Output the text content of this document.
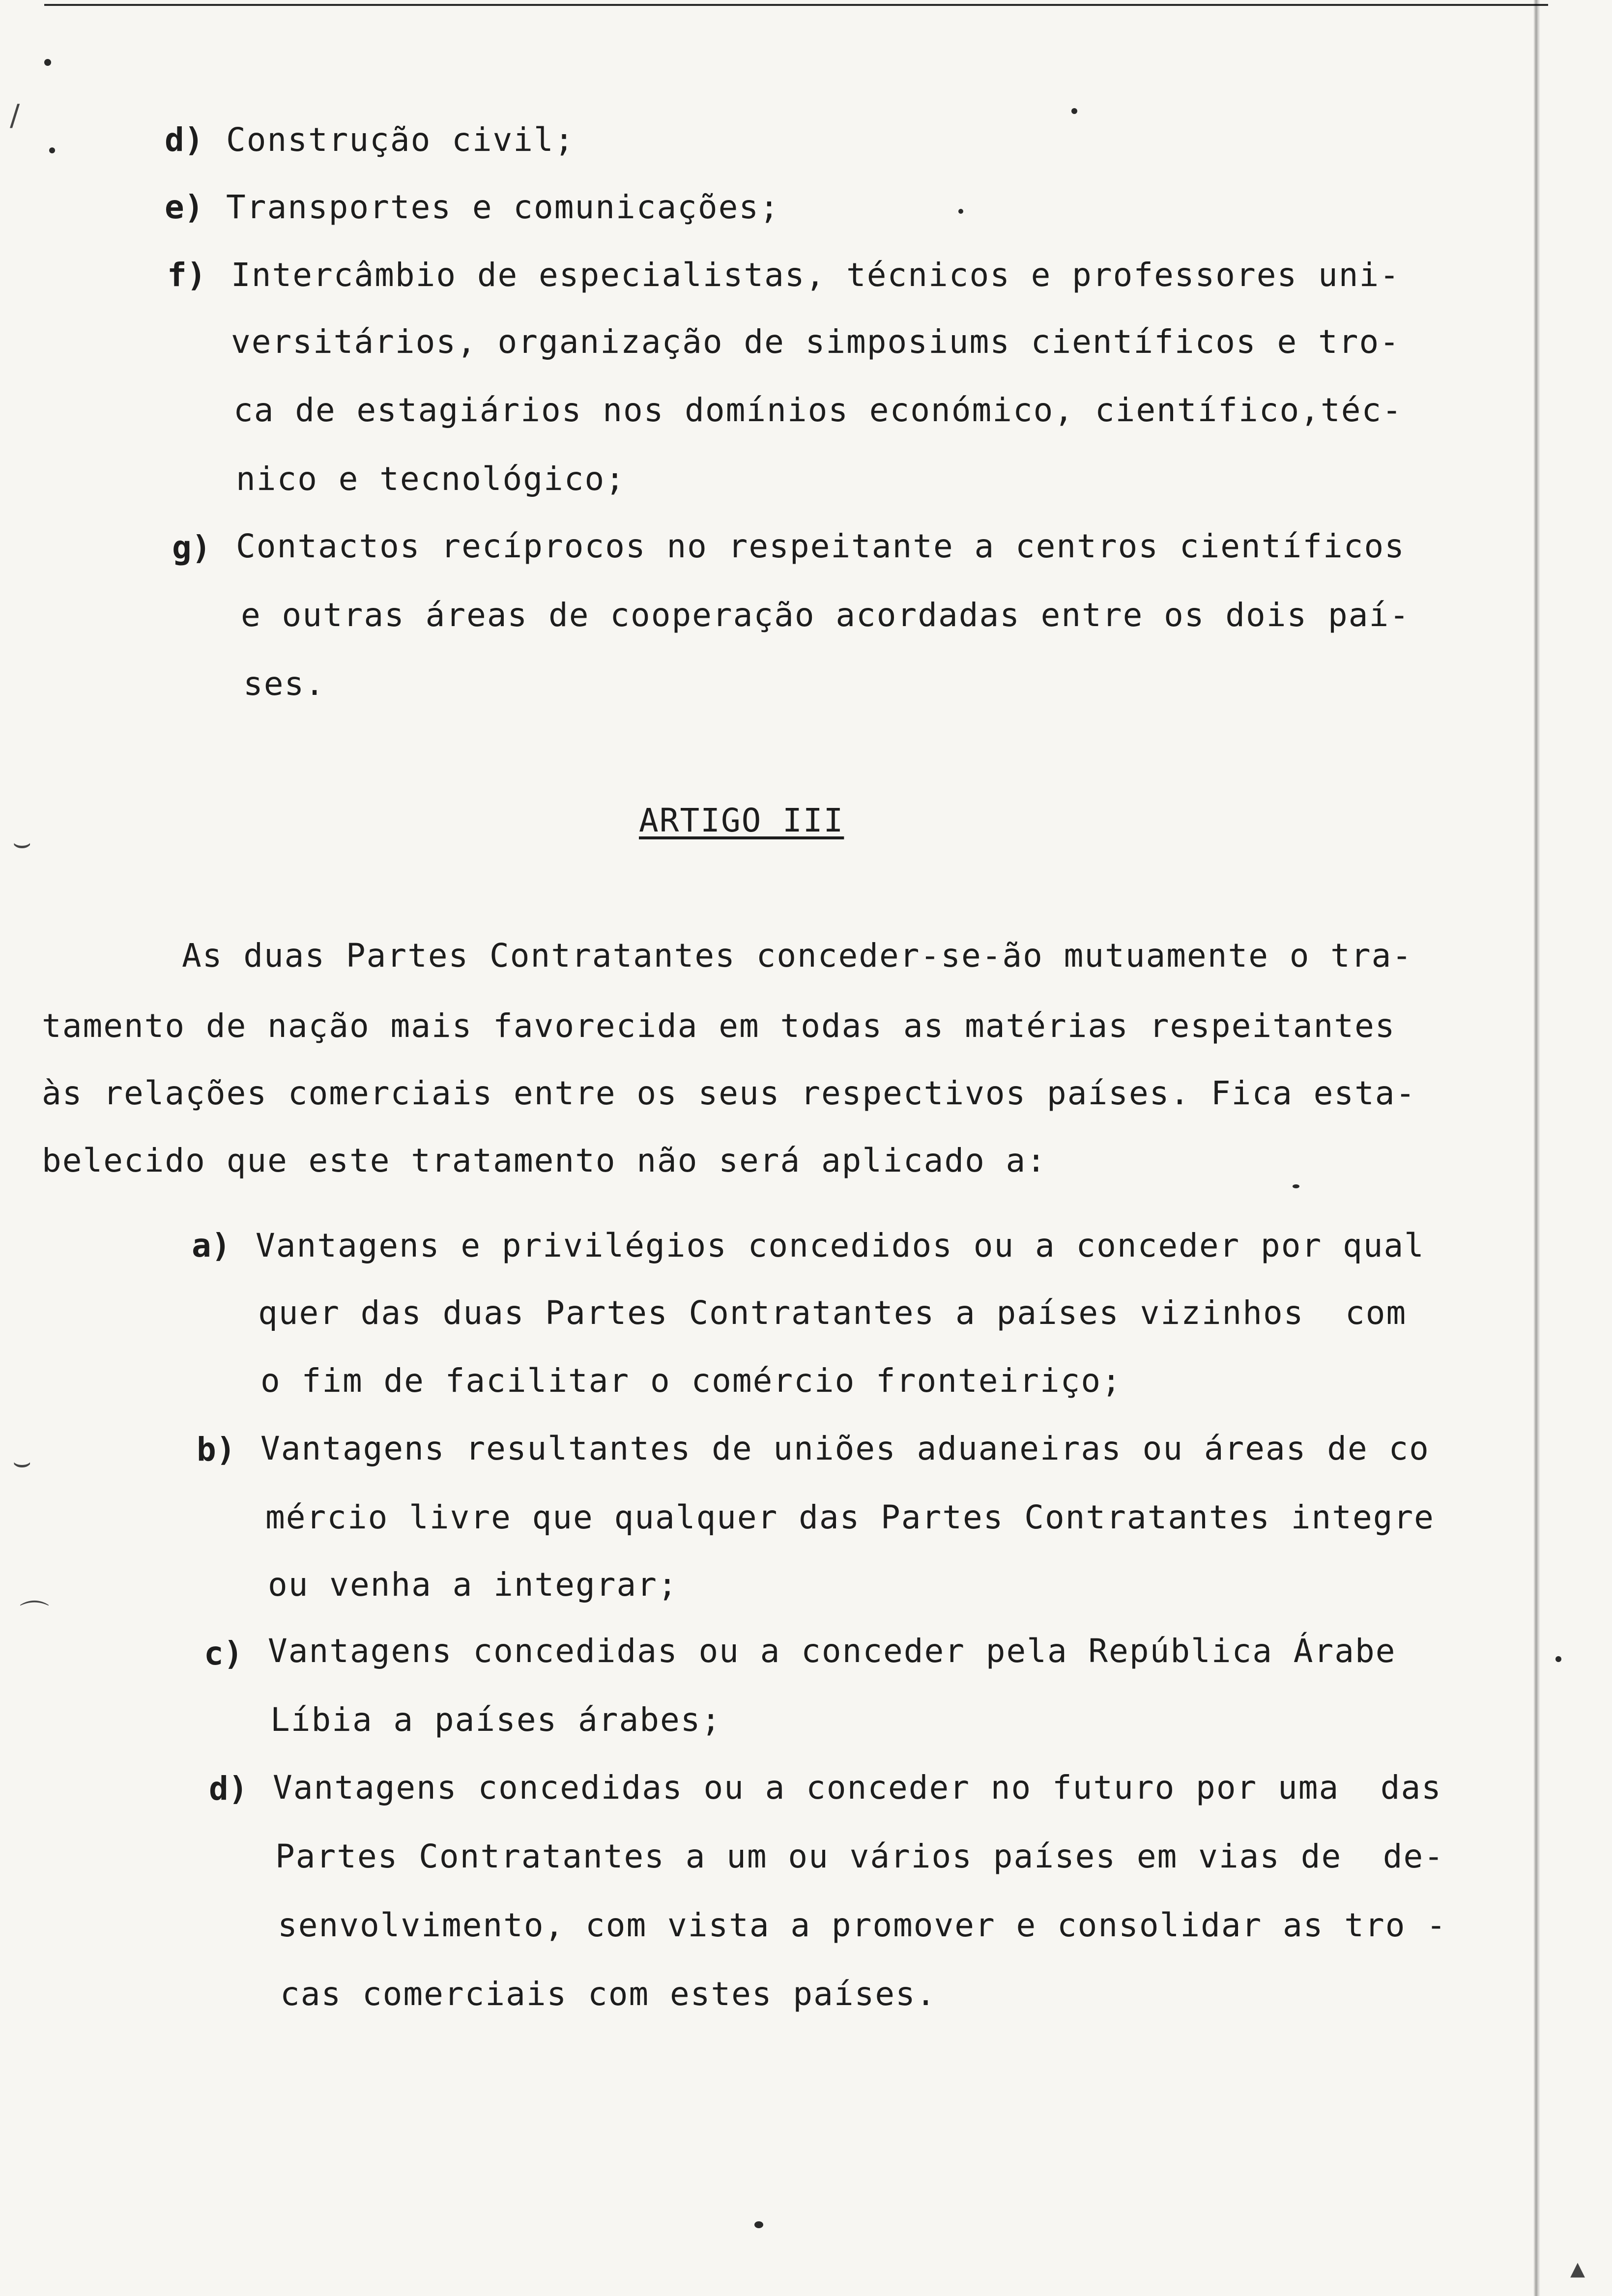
d) Construção civil;
e) Transportes e comunicações;
f) Intercâmbio de especialistas, técnicos e professores uni-
versitários, organização de simposiums científicos e tro-
ca de estagiários nos domínios económico, científico,téc-
nico e tecnológico;
g) Contactos recíprocos no respeitante a centros científicos
e outras áreas de cooperação acordadas entre os dois paí-
ses.
ARTIGO III
As duas Partes Contratantes conceder-se-ão mutuamente o tra-
tamento de nação mais favorecida em todas as matérias respeitantes
às relações comerciais entre os seus respectivos países. Fica esta-
belecido que este tratamento não será aplicado a:
a) Vantagens e privilégios concedidos ou a conceder por qual
quer das duas Partes Contratantes a países vizinhos  com
o fim de facilitar o comércio fronteiriço;
b) Vantagens resultantes de uniões aduaneiras ou áreas de co
mércio livre que qualquer das Partes Contratantes integre
ou venha a integrar;
c) Vantagens concedidas ou a conceder pela República Árabe
Líbia a países árabes;
d) Vantagens concedidas ou a conceder no futuro por uma  das
Partes Contratantes a um ou vários países em vias de  de-
senvolvimento, com vista a promover e consolidar as tro -
cas comerciais com estes países.
/
⌣
⌣
⌒
▴
